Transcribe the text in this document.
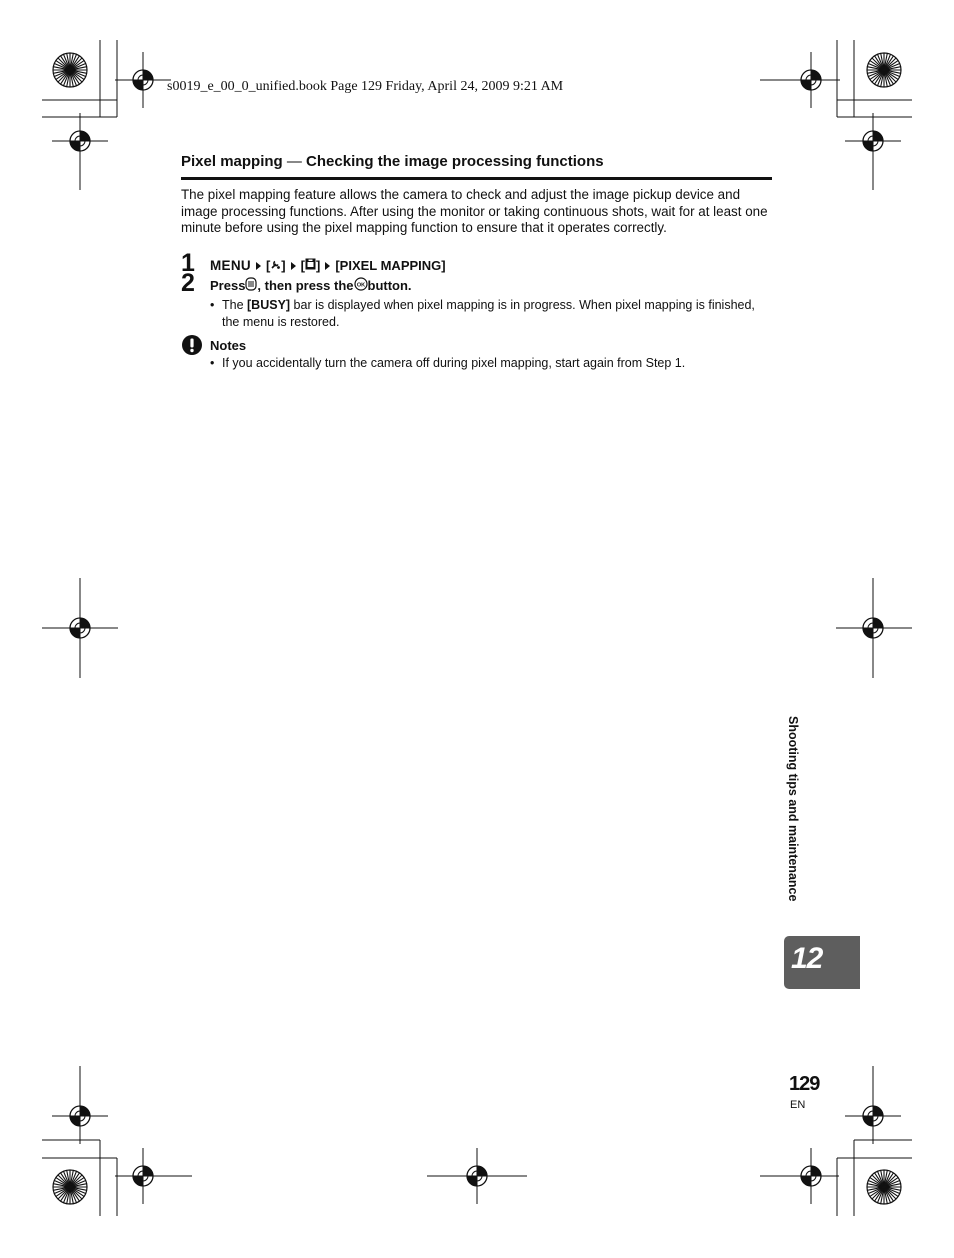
s0019_e_00_0_unified.book Page 129 Friday, April 24, 2009 9:21 AM
Pixel mapping — Checking the image processing functions
The pixel mapping feature allows the camera to check and adjust the image pickup device and image processing functions. After using the monitor or taking continuous shots, wait for at least one minute before using the pixel mapping function to ensure that it operates correctly.
1 MENU [ ] [ ] [PIXEL MAPPING]
2 Press, then press the OK button.
• The [BUSY] bar is displayed when pixel mapping is in progress. When pixel mapping is finished, the menu is restored.
Notes
• If you accidentally turn the camera off during pixel mapping, start again from Step 1.
Shooting tips and maintenance
12
129
EN
